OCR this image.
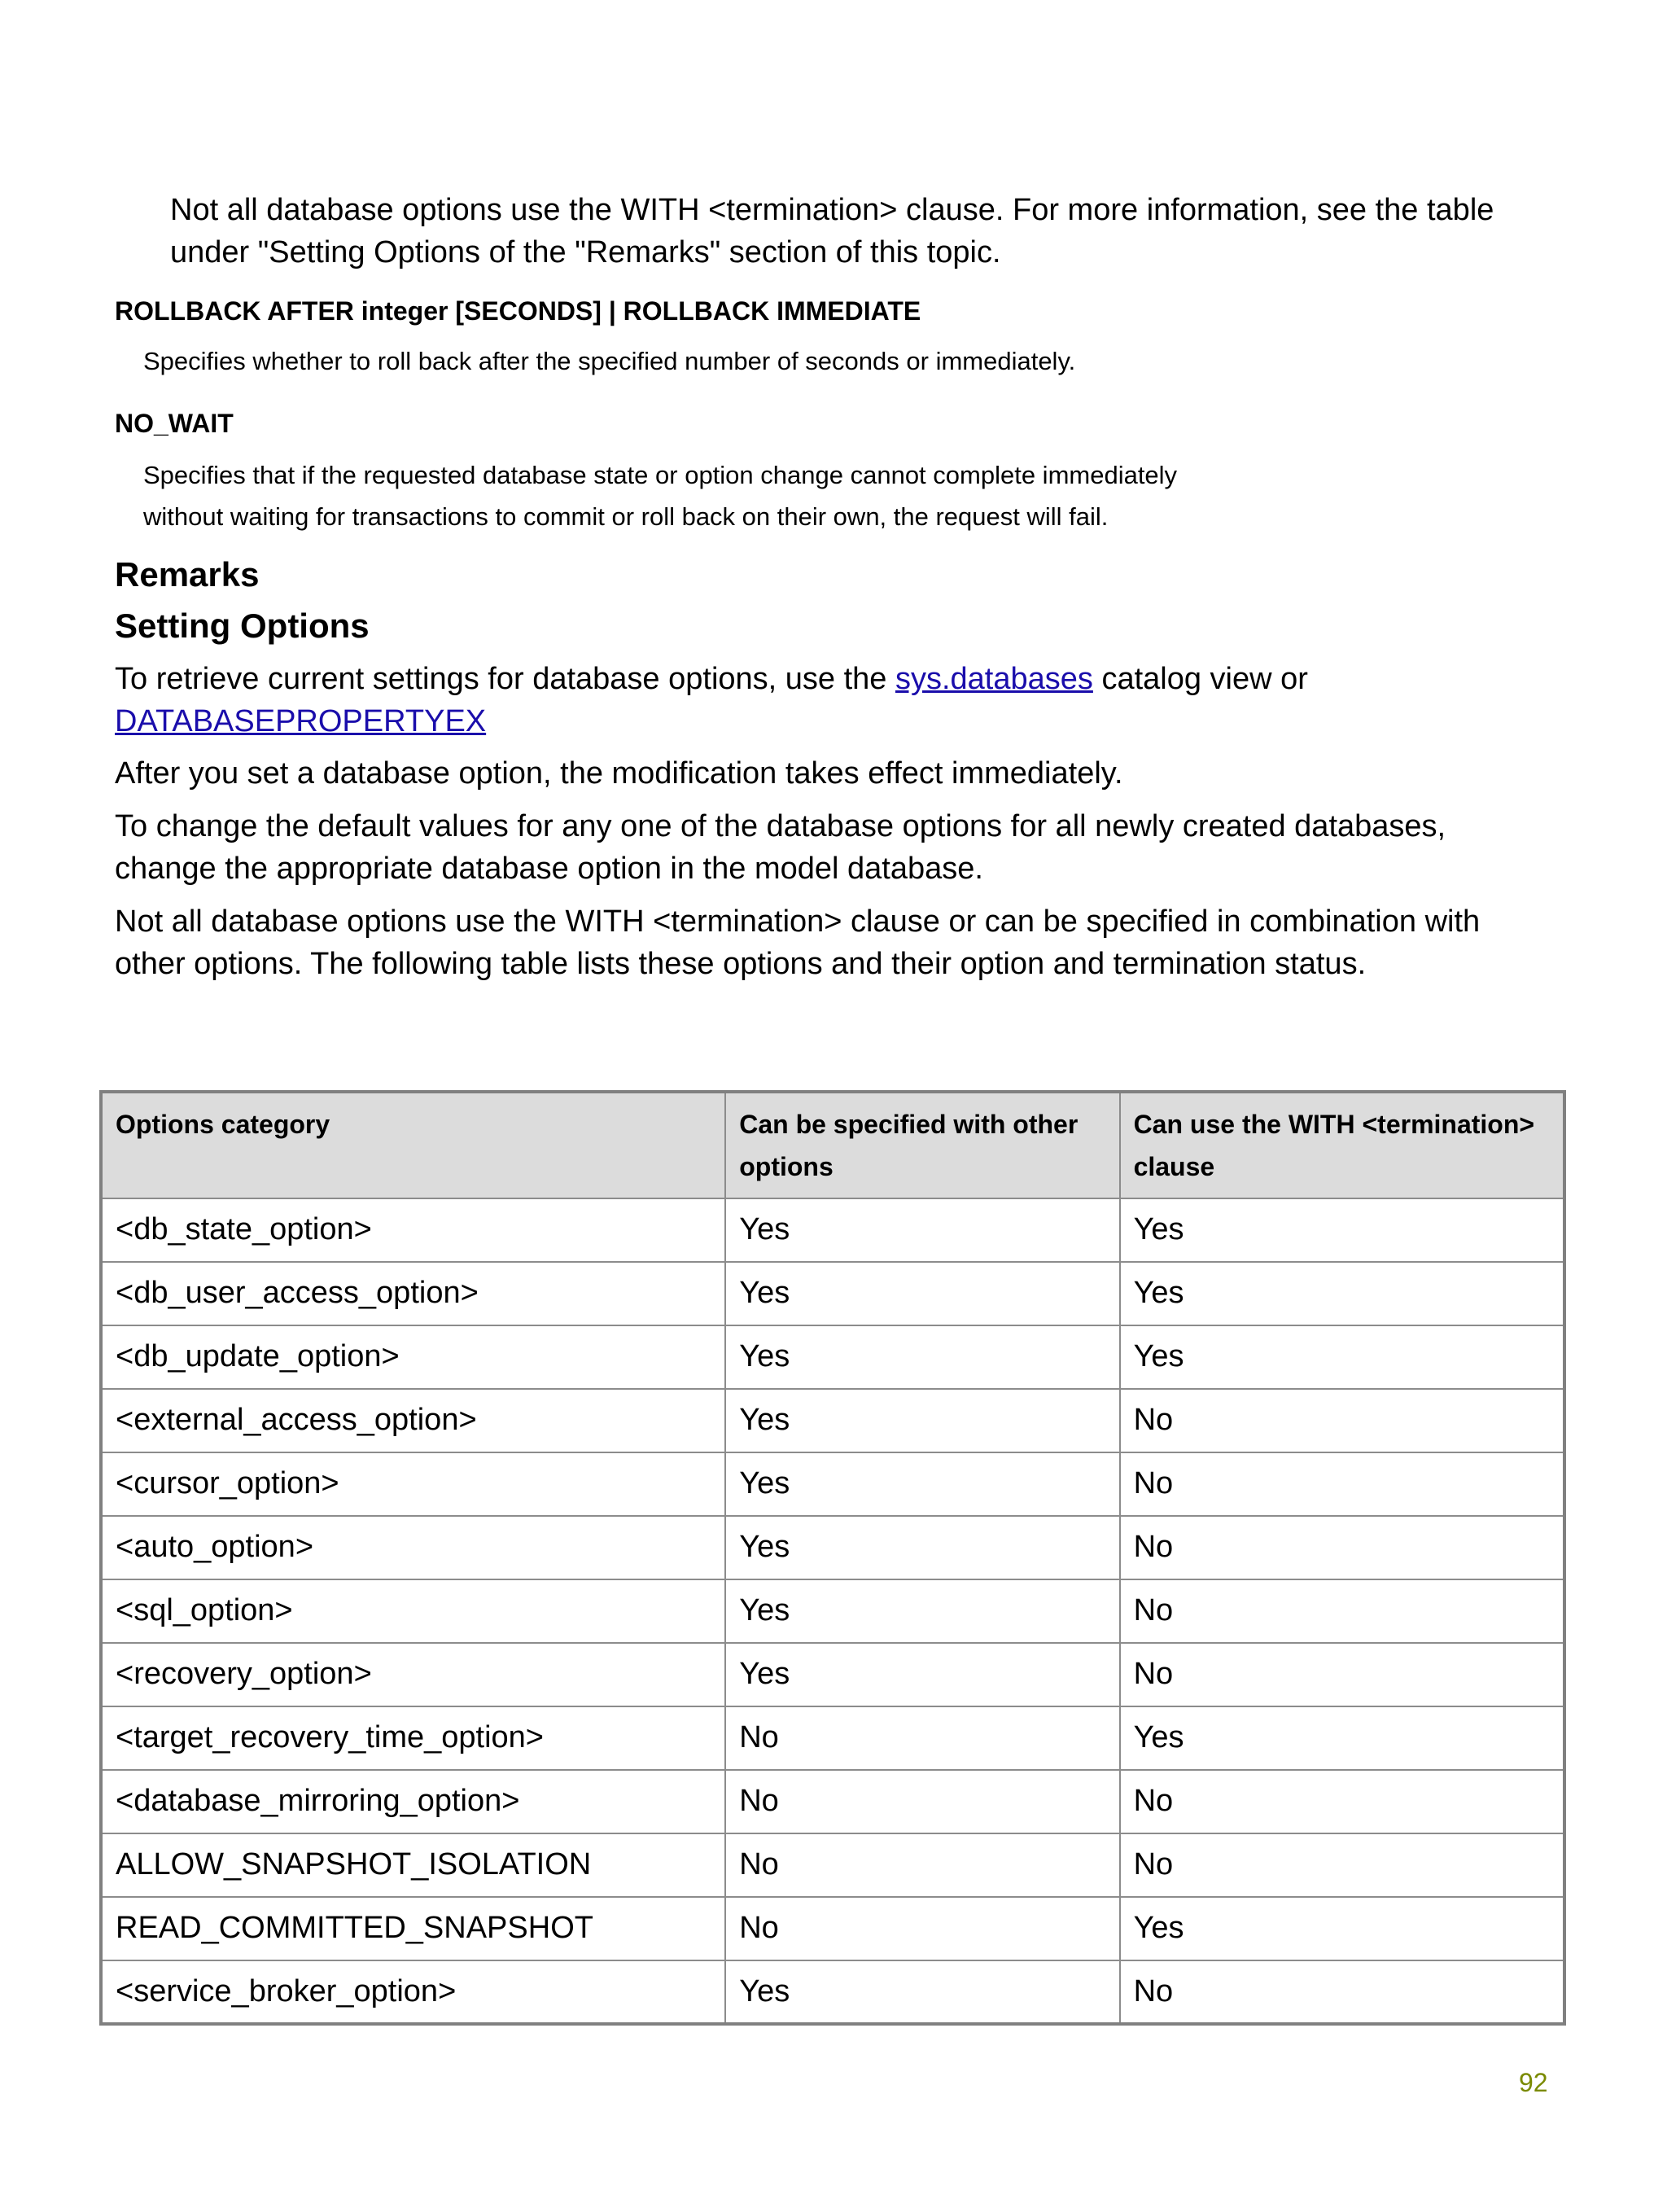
Not all database options use the WITH <termination> clause. For more information, see the table under "Setting Options of the "Remarks" section of this topic.
ROLLBACK AFTER integer [SECONDS] | ROLLBACK IMMEDIATE
Specifies whether to roll back after the specified number of seconds or immediately.
NO_WAIT
Specifies that if the requested database state or option change cannot complete immediately
without waiting for transactions to commit or roll back on their own, the request will fail.
Remarks
Setting Options
To retrieve current settings for database options, use the sys.databases catalog view or
DATABASEPROPERTYEX
After you set a database option, the modification takes effect immediately.
To change the default values for any one of the database options for all newly created databases, change the appropriate database option in the model database.
Not all database options use the WITH <termination> clause or can be specified in combination with other options. The following table lists these options and their option and termination status.
Options category	Can be specified with other options	Can use the WITH <termination> clause
<db_state_option>	Yes	Yes
<db_user_access_option>	Yes	Yes
<db_update_option>	Yes	Yes
<external_access_option>	Yes	No
<cursor_option>	Yes	No
<auto_option>	Yes	No
<sql_option>	Yes	No
<recovery_option>	Yes	No
<target_recovery_time_option>	No	Yes
<database_mirroring_option>	No	No
ALLOW_SNAPSHOT_ISOLATION	No	No
READ_COMMITTED_SNAPSHOT	No	Yes
<service_broker_option>	Yes	No
92
